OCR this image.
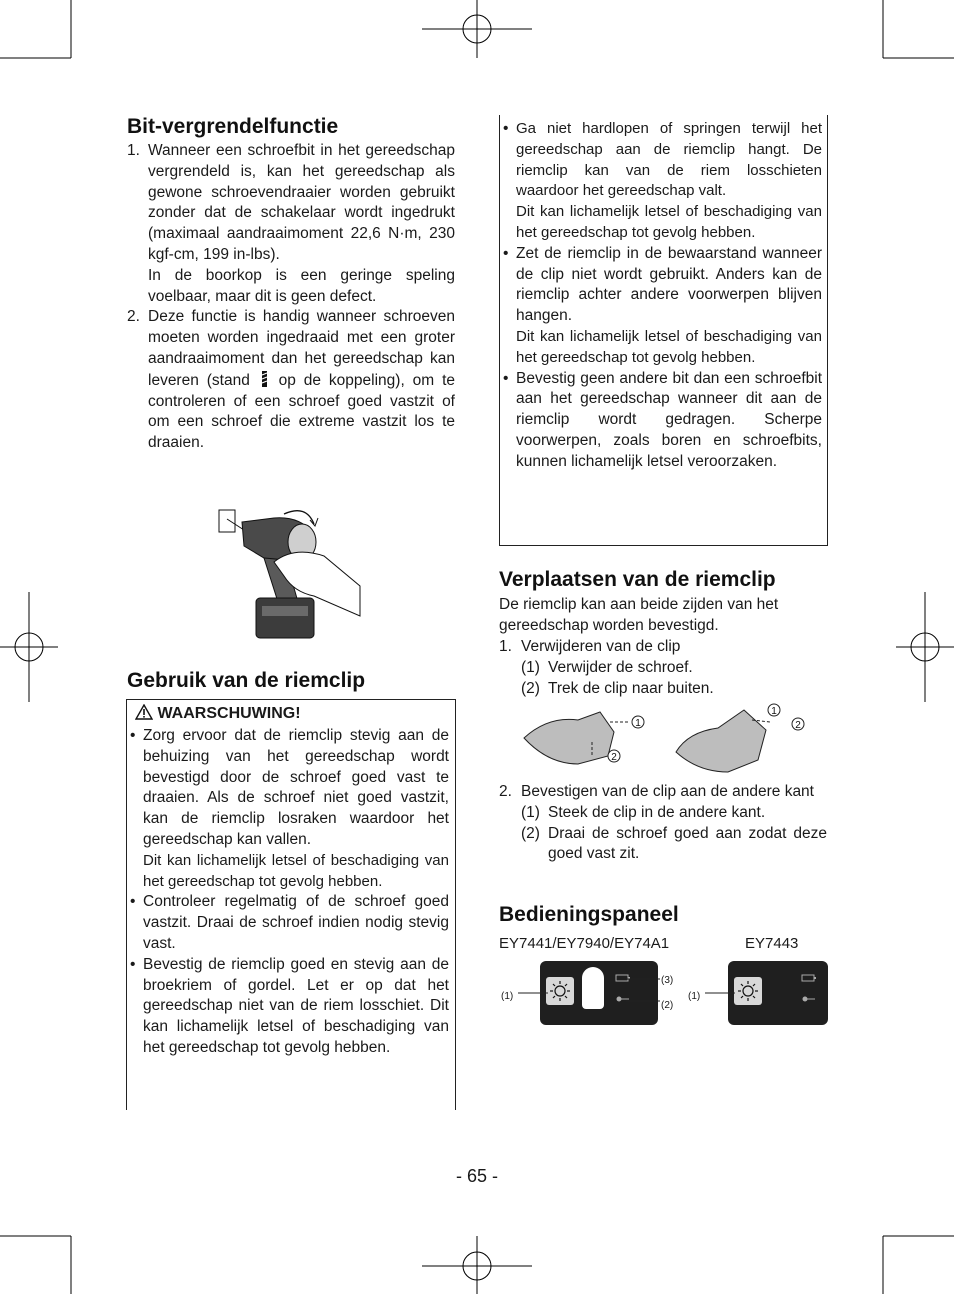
Bit-vergrendelfunctie
1. Wanneer een schroefbit in het gereedschap vergrendeld is, kan het gereedschap als gewone schroevendraaier worden gebruikt zonder dat de schakelaar wordt ingedrukt (maximaal aandraaimoment 22,6 N·m, 230 kgf-cm, 199 in-lbs).

In de boorkop is een geringe speling voelbaar, maar dit is geen defect.

2. Deze functie is handig wanneer schroeven moeten worden ingedraaid met een groter aandraaimoment dan het gereedschap kan leveren (stand op de koppeling), om te controleren of een schroef goed vastzit of om een schroef die extreme vastzit los te draaien.

Gebruik van de riemclip
WAARSCHUWING!
• Zorg ervoor dat de riemclip stevig aan de behuizing van het gereedschap wordt bevestigd door de schroef goed vast te draaien. Als de schroef niet goed vastzit, kan de riemclip losraken waardoor het gereedschap kan vallen.

Dit kan lichamelijk letsel of beschadiging van het gereedschap tot gevolg hebben.

• Controleer regelmatig of de schroef goed vastzit. Draai de schroef indien nodig stevig vast.

• Bevestig de riemclip goed en stevig aan de broekriem of gordel. Let er op dat het gereedschap niet van de riem losschiet. Dit kan lichamelijk letsel of beschadiging van het gereedschap tot gevolg hebben.

• Ga niet hardlopen of springen terwijl het gereedschap aan de riemclip hangt. De riemclip kan van de riem losschieten waardoor het gereedschap valt.

Dit kan lichamelijk letsel of beschadiging van het gereedschap tot gevolg hebben.

• Zet de riemclip in de bewaarstand wanneer de clip niet wordt gebruikt. Anders kan de riemclip achter andere voorwerpen blijven hangen.

Dit kan lichamelijk letsel of beschadiging van het gereedschap tot gevolg hebben.

• Bevestig geen andere bit dan een schroefbit aan het gereedschap wanneer dit aan de riemclip wordt gedragen. Scherpe voorwerpen, zoals boren en schroefbits, kunnen lichamelijk letsel veroorzaken.

Verplaatsen van de riemclip

De riemclip kan aan beide zijden van het gereedschap worden bevestigd.

1. Verwijderen van de clip

(1) Verwijder de schroef.

(2) Trek de clip naar buiten.

1
2
1
2
2. Bevestigen van de clip aan de andere kant

(1) Steek de clip in de andere kant.

(2) Draai de schroef goed aan zodat deze goed vast zit.

Bedieningspaneel
EY7441/EY7940/EY74A1	EY7443
(1)
(3)
(2)
(1)
- 65 -
